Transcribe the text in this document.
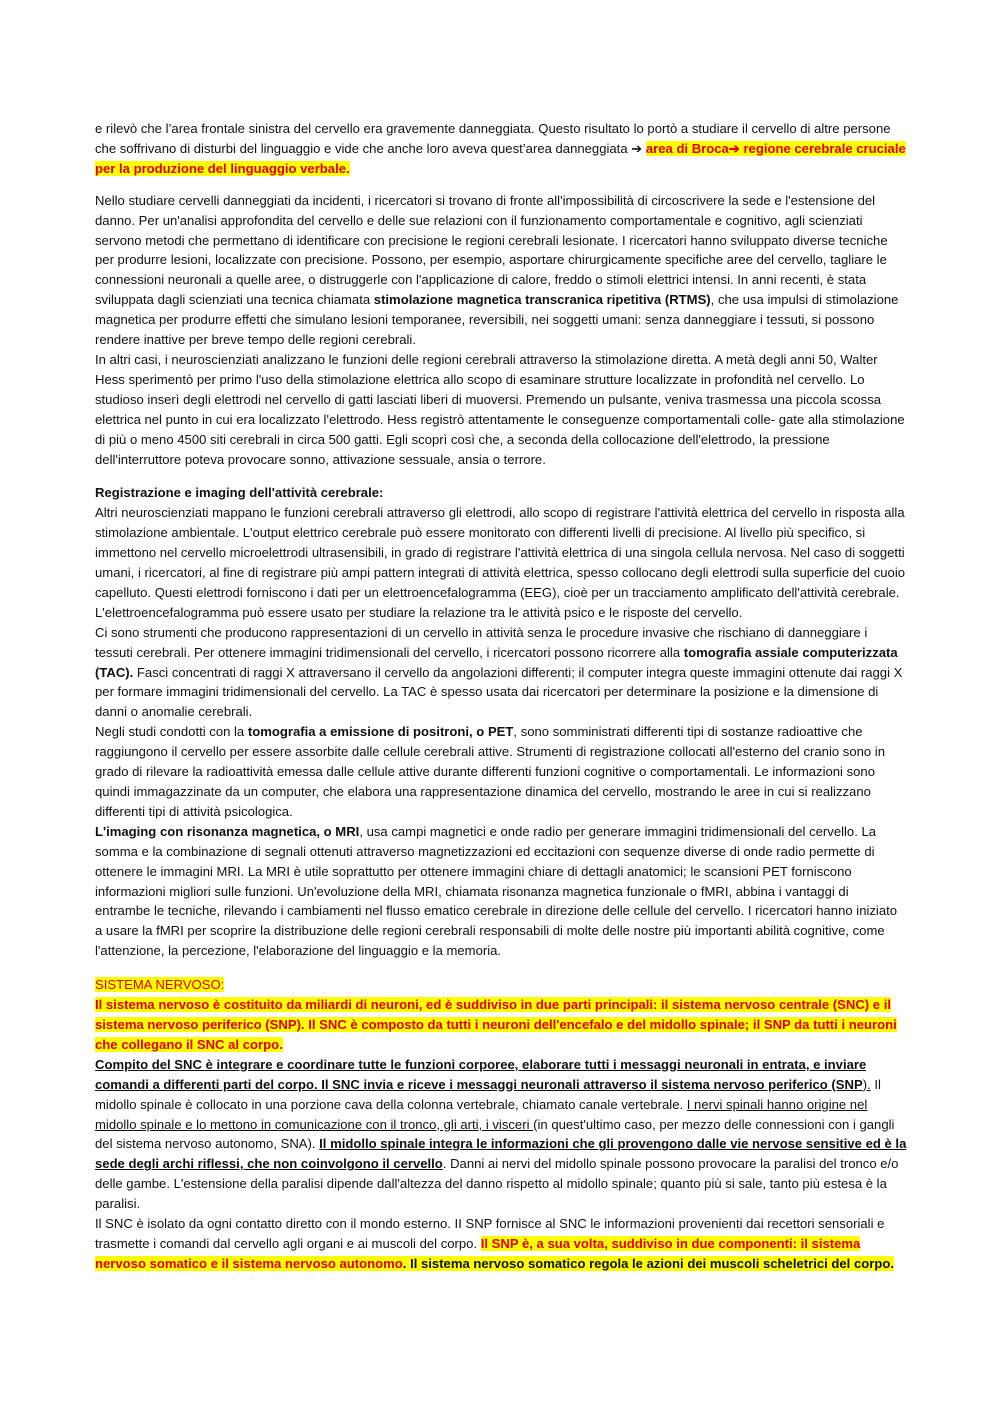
e rilevò che l’area frontale sinistra del cervello era gravemente danneggiata. Questo risultato lo portò a studiare il cervello di altre persone che soffrivano di disturbi del linguaggio e vide che anche loro aveva quest’area danneggiata ➔ area di Broca➔ regione cerebrale cruciale per la produzione del linguaggio verbale.

Nello studiare cervelli danneggiati da incidenti, i ricercatori si trovano di fronte all'impossibilità di circoscrivere la sede e l'estensione del danno. Per un'analisi approfondita del cervello e delle sue relazioni con il funzionamento comportamentale e cognitivo, agli scienziati servono metodi che permettano di identificare con precisione le regioni cerebrali lesionate. I ricercatori hanno sviluppato diverse tecniche per produrre lesioni, localizzate con precisione. Possono, per esempio, asportare chirurgicamente specifiche aree del cervello, tagliare le connessioni neuronali a quelle aree, o distruggerle con l'applicazione di calore, freddo o stimoli elettrici intensi. In anni recenti, è stata sviluppata dagli scienziati una tecnica chiamata stimolazione magnetica transcranica ripetitiva (RTMS), che usa impulsi di stimolazione magnetica per produrre effetti che simulano lesioni temporanee, reversibili, nei soggetti umani: senza danneggiare i tessuti, si possono rendere inattive per breve tempo delle regioni cerebrali.

In altri casi, i neuroscienziati analizzano le funzioni delle regioni cerebrali attraverso la stimolazione diretta. A metà degli anni 50, Walter Hess sperimentò per primo l'uso della stimolazione elettrica allo scopo di esaminare strutture localizzate in profondità nel cervello. Lo studioso inserì degli elettrodi nel cervello di gatti lasciati liberi di muoversi. Premendo un pulsante, veniva trasmessa una piccola scossa elettrica nel punto in cui era localizzato l'elettrodo. Hess registrò attentamente le conseguenze comportamentali colle- gate alla stimolazione di più o meno 4500 siti cerebrali in circa 500 gatti. Egli scoprì così che, a seconda della collocazione dell'elettrodo, la pressione dell'interruttore poteva provocare sonno, attivazione sessuale, ansia o terrore.

Registrazione e imaging dell'attività cerebrale:

Altri neuroscienziati mappano le funzioni cerebrali attraverso gli elettrodi, allo scopo di registrare l'attività elettrica del cervello in risposta alla stimolazione ambientale. L'output elettrico cerebrale può essere monitorato con differenti livelli di precisione. Al livello più specifico, si immettono nel cervello microelettrodi ultrasensibili, in grado di registrare l'attività elettrica di una singola cellula nervosa. Nel caso di soggetti umani, i ricercatori, al fine di registrare più ampi pattern integrati di attività elettrica, spesso collocano degli elettrodi sulla superficie del cuoio capelluto. Questi elettrodi forniscono i dati per un elettroencefalogramma (EEG), cioè per un tracciamento amplificato dell'attività cerebrale. L'elettroencefalogramma può essere usato per studiare la relazione tra le attività psico e le risposte del cervello.

Ci sono strumenti che producono rappresentazioni di un cervello in attività senza le procedure invasive che rischiano di danneggiare i tessuti cerebrali. Per ottenere immagini tridimensionali del cervello, i ricercatori possono ricorrere alla tomografia assiale computerizzata (TAC). Fasci concentrati di raggi X attraversano il cervello da angolazioni differenti; il computer integra queste immagini ottenute dai raggi X per formare immagini tridimensionali del cervello. La TAC è spesso usata dai ricercatori per determinare la posizione e la dimensione di danni o anomalie cerebrali.

Negli studi condotti con la tomografia a emissione di positroni, o PET, sono somministrati differenti tipi di sostanze radioattive che raggiungono il cervello per essere assorbite dalle cellule cerebrali attive. Strumenti di registrazione collocati all'esterno del cranio sono in grado di rilevare la radioattività emessa dalle cellule attive durante differenti funzioni cognitive o comportamentali. Le informazioni sono quindi immagazzinate da un computer, che elabora una rappresentazione dinamica del cervello, mostrando le aree in cui si realizzano differenti tipi di attività psicologica.

L'imaging con risonanza magnetica, o MRI, usa campi magnetici e onde radio per generare immagini tridimensionali del cervello. La somma e la combinazione di segnali ottenuti attraverso magnetizzazioni ed eccitazioni con sequenze diverse di onde radio permette di ottenere le immagini MRI. La MRI è utile soprattutto per ottenere immagini chiare di dettagli anatomici; le scansioni PET forniscono informazioni migliori sulle funzioni. Un'evoluzione della MRI, chiamata risonanza magnetica funzionale o fMRI, abbina i vantaggi di entrambe le tecniche, rilevando i cambiamenti nel flusso ematico cerebrale in direzione delle cellule del cervello. I ricercatori hanno iniziato a usare la fMRI per scoprire la distribuzione delle regioni cerebrali responsabili di molte delle nostre più importanti abilità cognitive, come l'attenzione, la percezione, l'elaborazione del linguaggio e la memoria.

SISTEMA NERVOSO:

Il sistema nervoso è costituito da miliardi di neuroni, ed è suddiviso in due parti principali: il sistema nervoso centrale (SNC) e il sistema nervoso periferico (SNP). Il SNC è composto da tutti i neuroni dell'encefalo e del midollo spinale; il SNP da tutti i neuroni che collegano il SNC al corpo.

Compito del SNC è integrare e coordinare tutte le funzioni corporee, elaborare tutti i messaggi neuronali in entrata, e inviare comandi a differenti parti del corpo. Il SNC invia e riceve i messaggi neuronali attraverso il sistema nervoso periferico (SNP). Il midollo spinale è collocato in una porzione cava della colonna vertebrale, chiamato canale vertebrale. I nervi spinali hanno origine nel midollo spinale e lo mettono in comunicazione con il tronco, gli arti, i visceri (in quest'ultimo caso, per mezzo delle connessioni con i gangli del sistema nervoso autonomo, SNA). Il midollo spinale integra le informazioni che gli provengono dalle vie nervose sensitive ed è la sede degli archi riflessi, che non coinvolgono il cervello. Danni ai nervi del midollo spinale possono provocare la paralisi del tronco e/o delle gambe. L'estensione della paralisi dipende dall'altezza del danno rispetto al midollo spinale; quanto più si sale, tanto più estesa è la paralisi.

Il SNC è isolato da ogni contatto diretto con il mondo esterno. II SNP fornisce al SNC le informazioni provenienti dai recettori sensoriali e trasmette i comandi dal cervello agli organi e ai muscoli del corpo. Il SNP è, a sua volta, suddiviso in due componenti: il sistema nervoso somatico e il sistema nervoso autonomo. Il sistema nervoso somatico regola le azioni dei muscoli scheletrici del corpo.
